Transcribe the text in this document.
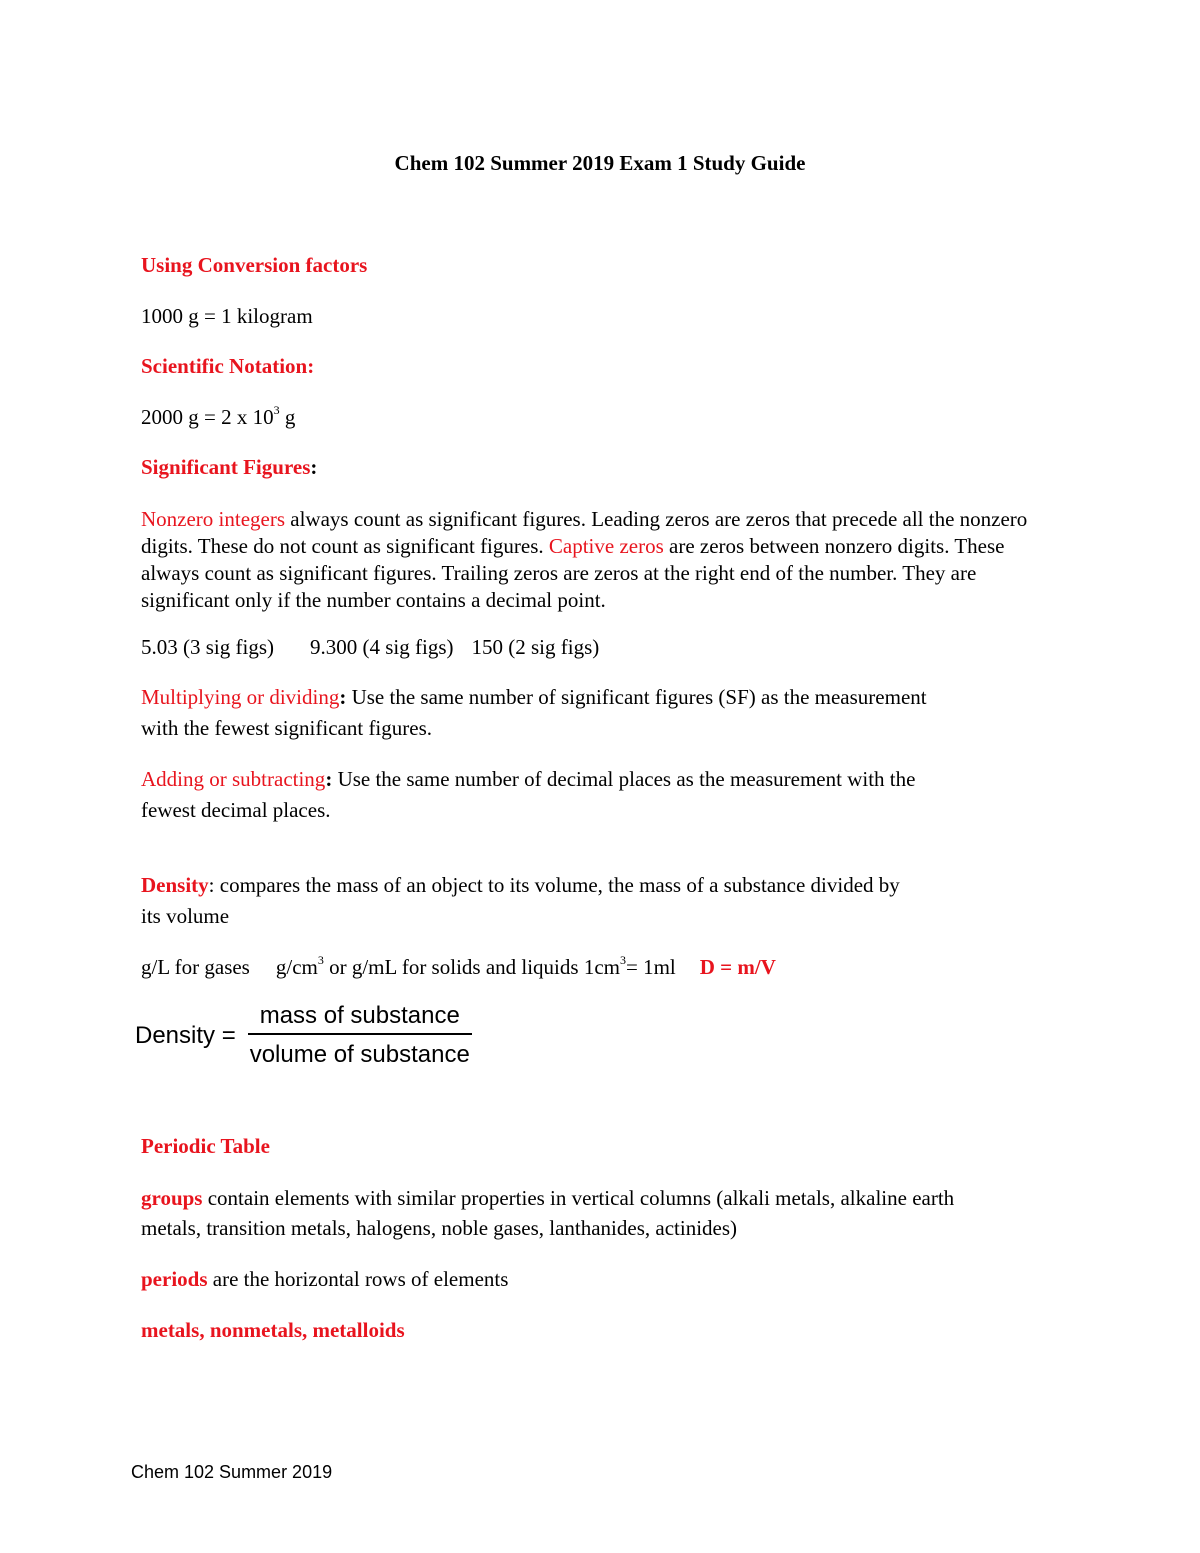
Chem 102 Summer 2019 Exam 1 Study Guide

Using Conversion factors

1000 g = 1 kilogram

Scientific Notation:

2000 g = 2 x $10^3$ g

Significant Figures:

Nonzero integers always count as significant figures. Leading zeros are zeros that precede all the nonzero digits. These do not count as significant figures. Captive zeros are zeros between nonzero digits. These always count as significant figures. Trailing zeros are zeros at the right end of the number. They are significant only if the number contains a decimal point.

5.03 (3 sig figs) 9.300 (4 sig figs) 150 (2 sig figs)

Multiplying or dividing: Use the same number of significant figures (SF) as the measurement

with the fewest significant figures.

Adding or subtracting: Use the same number of decimal places as the measurement with the

fewest decimal places.

Density: compares the mass of an object to its volume, the mass of a substance divided by

its volume

g/L for gases $g/cm^3$ or g/mL for solids and liquids $1cm^3= 1ml$ D = m/V

Density = $\frac{\text{mass of substance}}{\text{volume of substance}}$

Periodic Table

groups contain elements with similar properties in vertical columns (alkali metals, alkaline earth

metals, transition metals, halogens, noble gases, lanthanides, actinides)

periods are the horizontal rows of elements

metals, nonmetals, metalloids

Chem 102 Summer 2019
